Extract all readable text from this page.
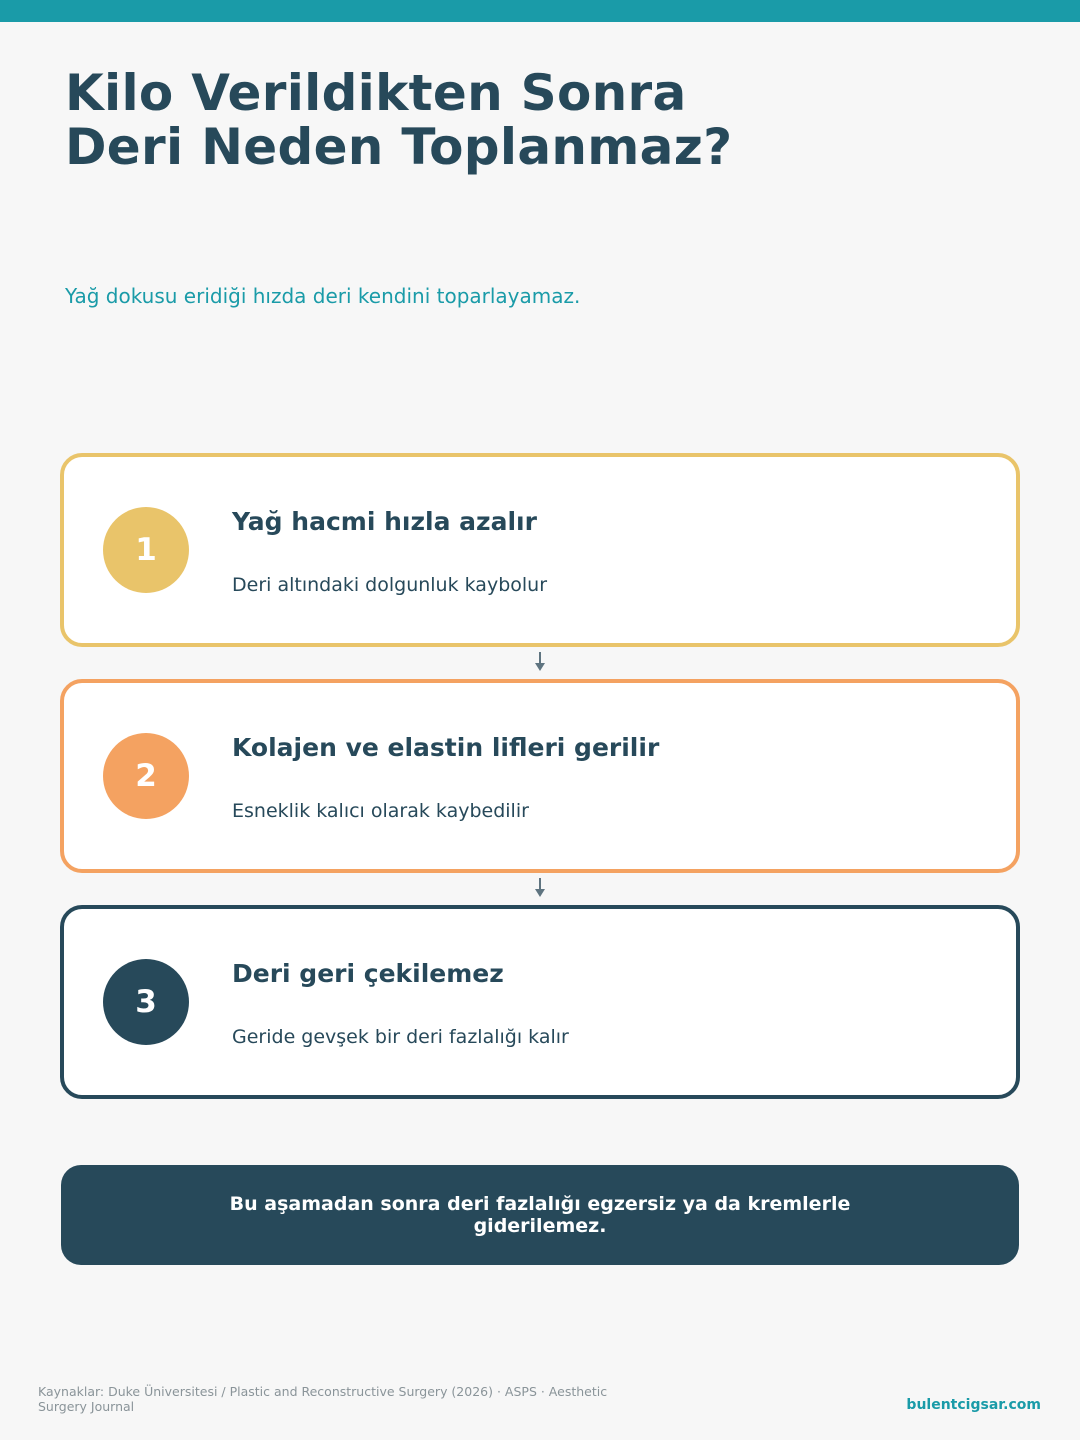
Kilo Verildikten Sonra
Deri Neden Toplanmaz?

Yağ dokusu eridiği hızda deri kendini toparlayamaz.

1
Yağ hacmi hızla azalır
Deri altındaki dolgunluk kaybolur
2
Kolajen ve elastin lifleri gerilir
Esneklik kalıcı olarak kaybedilir
3
Deri geri çekilemez
Geride gevşek bir deri fazlalığı kalır
Bu aşamadan sonra deri fazlalığı egzersiz ya da kremlerle giderilemez.
Kaynaklar: Duke Üniversitesi / Plastic and Reconstructive Surgery (2026) · ASPS · Aesthetic Surgery Journal	bulentcigsar.com
